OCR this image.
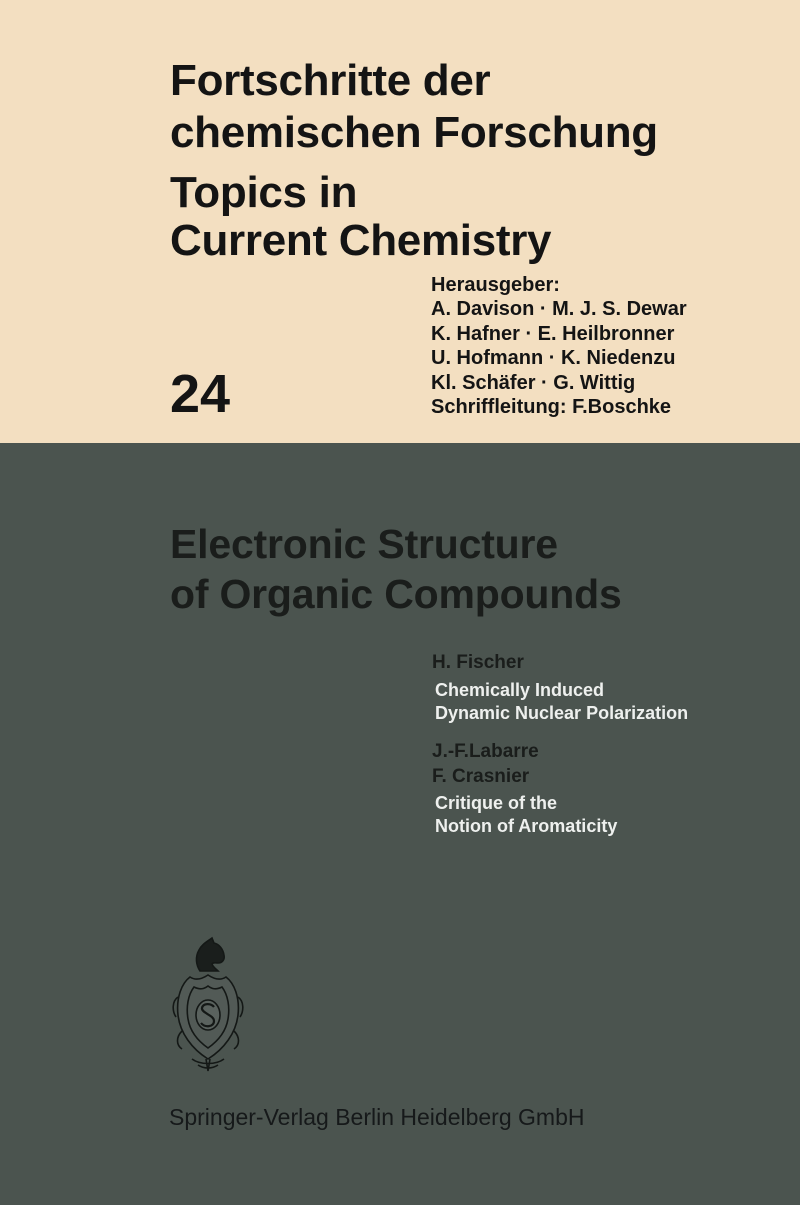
Fortschritte der
chemischen Forschung
Topics in
Current Chemistry
24
Herausgeber:
A. Davison · M. J. S. Dewar
K. Hafner · E. Heilbronner
U. Hofmann · K. Niedenzu
Kl. Schäfer · G. Wittig
Schriffleitung: F.Boschke
Electronic Structure
of Organic Compounds
H. Fischer
Chemically Induced
Dynamic Nuclear Polarization
J.-F.Labarre
F. Crasnier
Critique of the
Notion of Aromaticity
Springer-Verlag Berlin Heidelberg GmbH
